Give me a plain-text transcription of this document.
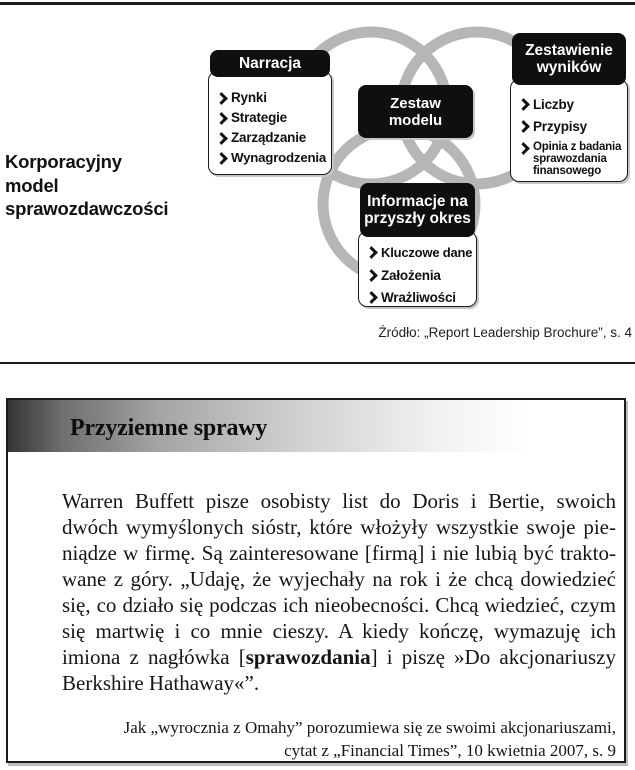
Korporacyjny
model
sprawozdawczości
Narracja
Rynki
Strategie
Zarządzanie
Wynagrodzenia
Zestaw modelu
Zestawienie wyników
Liczby
Przypisy
Opinia z badania sprawozdania finansowego
Informacje na przyszły okres
Kluczowe dane
Założenia
Wrażliwości
Źródło: „Report Leadership Brochure”, s. 4
Przyziemne sprawy
Warren Buffett pisze osobisty list do Doris i Bertie, swoich
dwóch wymyślonych sióstr, które włożyły wszystkie swoje pie-
niądze w firmę. Są zainteresowane [firmą] i nie lubią być trakto-
wane z góry. „Udaję, że wyjechały na rok i że chcą dowiedzieć
się, co działo się podczas ich nieobecności. Chcą wiedzieć, czym
się martwię i co mnie cieszy. A kiedy kończę, wymazuję ich
imiona z nagłówka [sprawozdania] i piszę »Do akcjonariuszy
Berkshire Hathaway«”.
Jak „wyrocznia z Omahy” porozumiewa się ze swoimi akcjonariuszami,
cytat z „Financial Times”, 10 kwietnia 2007, s. 9
